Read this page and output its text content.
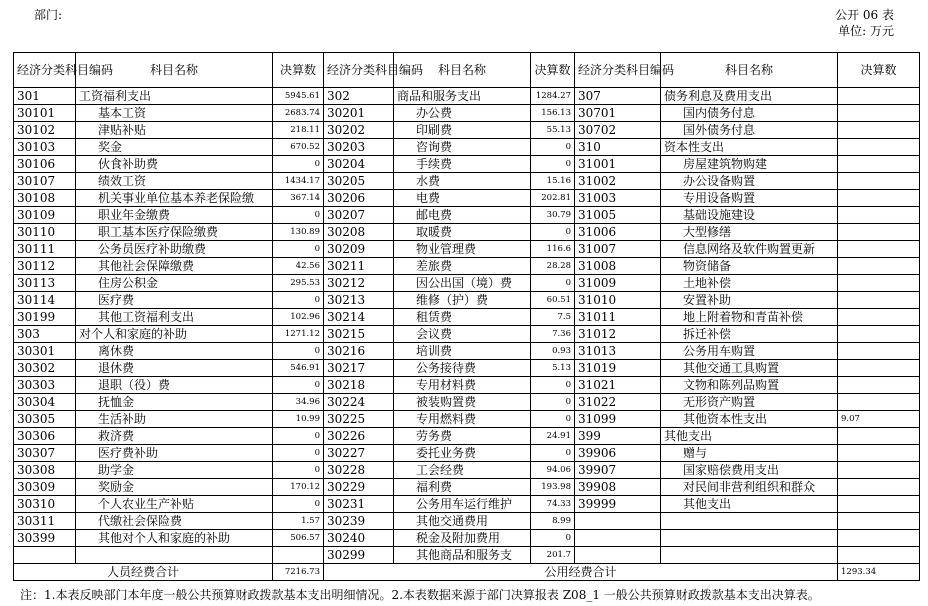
部门:	公开 06 表
单位: 万元
经济分类科目编码	科目名称	决算数	经济分类科目编码	科目名称	决算数	经济分类科目编码	科目名称	决算数
301	工资福利支出	5945.61	302	商品和服务支出	1284.27	307	债务利息及费用支出	
30101	基本工资	2683.74	30201	办公费	156.13	30701	国内债务付息	
30102	津贴补贴	218.11	30202	印刷费	55.13	30702	国外债务付息	
30103	奖金	670.52	30203	咨询费	0	310	资本性支出	
30106	伙食补助费	0	30204	手续费	0	31001	房屋建筑物购建	
30107	绩效工资	1434.17	30205	水费	15.16	31002	办公设备购置	
30108	机关事业单位基本养老保险缴	367.14	30206	电费	202.81	31003	专用设备购置	
30109	职业年金缴费	0	30207	邮电费	30.79	31005	基础设施建设	
30110	职工基本医疗保险缴费	130.89	30208	取暖费	0	31006	大型修缮	
30111	公务员医疗补助缴费	0	30209	物业管理费	116.6	31007	信息网络及软件购置更新	
30112	其他社会保障缴费	42.56	30211	差旅费	28.28	31008	物资储备	
30113	住房公积金	295.53	30212	因公出国（境）费	0	31009	土地补偿	
30114	医疗费	0	30213	维修（护）费	60.51	31010	安置补助	
30199	其他工资福利支出	102.96	30214	租赁费	7.5	31011	地上附着物和青苗补偿	
303	对个人和家庭的补助	1271.12	30215	会议费	7.36	31012	拆迁补偿	
30301	离休费	0	30216	培训费	0.93	31013	公务用车购置	
30302	退休费	546.91	30217	公务接待费	5.13	31019	其他交通工具购置	
30303	退职（役）费	0	30218	专用材料费	0	31021	文物和陈列品购置	
30304	抚恤金	34.96	30224	被装购置费	0	31022	无形资产购置	
30305	生活补助	10.99	30225	专用燃料费	0	31099	其他资本性支出	9.07
30306	救济费	0	30226	劳务费	24.91	399	其他支出	
30307	医疗费补助	0	30227	委托业务费	0	39906	赠与	
30308	助学金	0	30228	工会经费	94.06	39907	国家赔偿费用支出	
30309	奖励金	170.12	30229	福利费	193.98	39908	对民间非营利组织和群众	
30310	个人农业生产补贴	0	30231	公务用车运行维护	74.33	39999	其他支出	
30311	代缴社会保险费	1.57	30239	其他交通费用	8.99			
30399	其他对个人和家庭的补助	506.57	30240	税金及附加费用	0			
			30299	其他商品和服务支	201.7			
人员经费合计		7216.73	公用经费合计					1293.34
注：1.本表反映部门本年度一般公共预算财政拨款基本支出明细情况。2.本表数据来源于部门决算报表 Z08_1 一般公共预算财政拨款基本支出决算表。
